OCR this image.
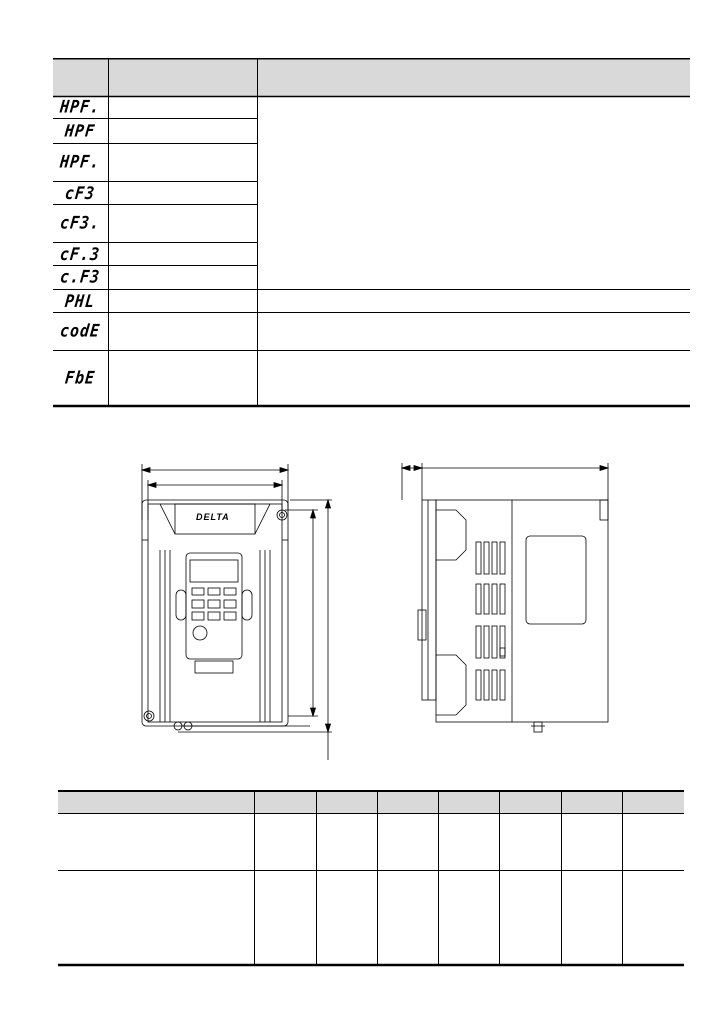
HPF.
HPF
HPF.
cF3
cF3.
cF.3
c.F3
PHL
codE
FbE
DELTA
